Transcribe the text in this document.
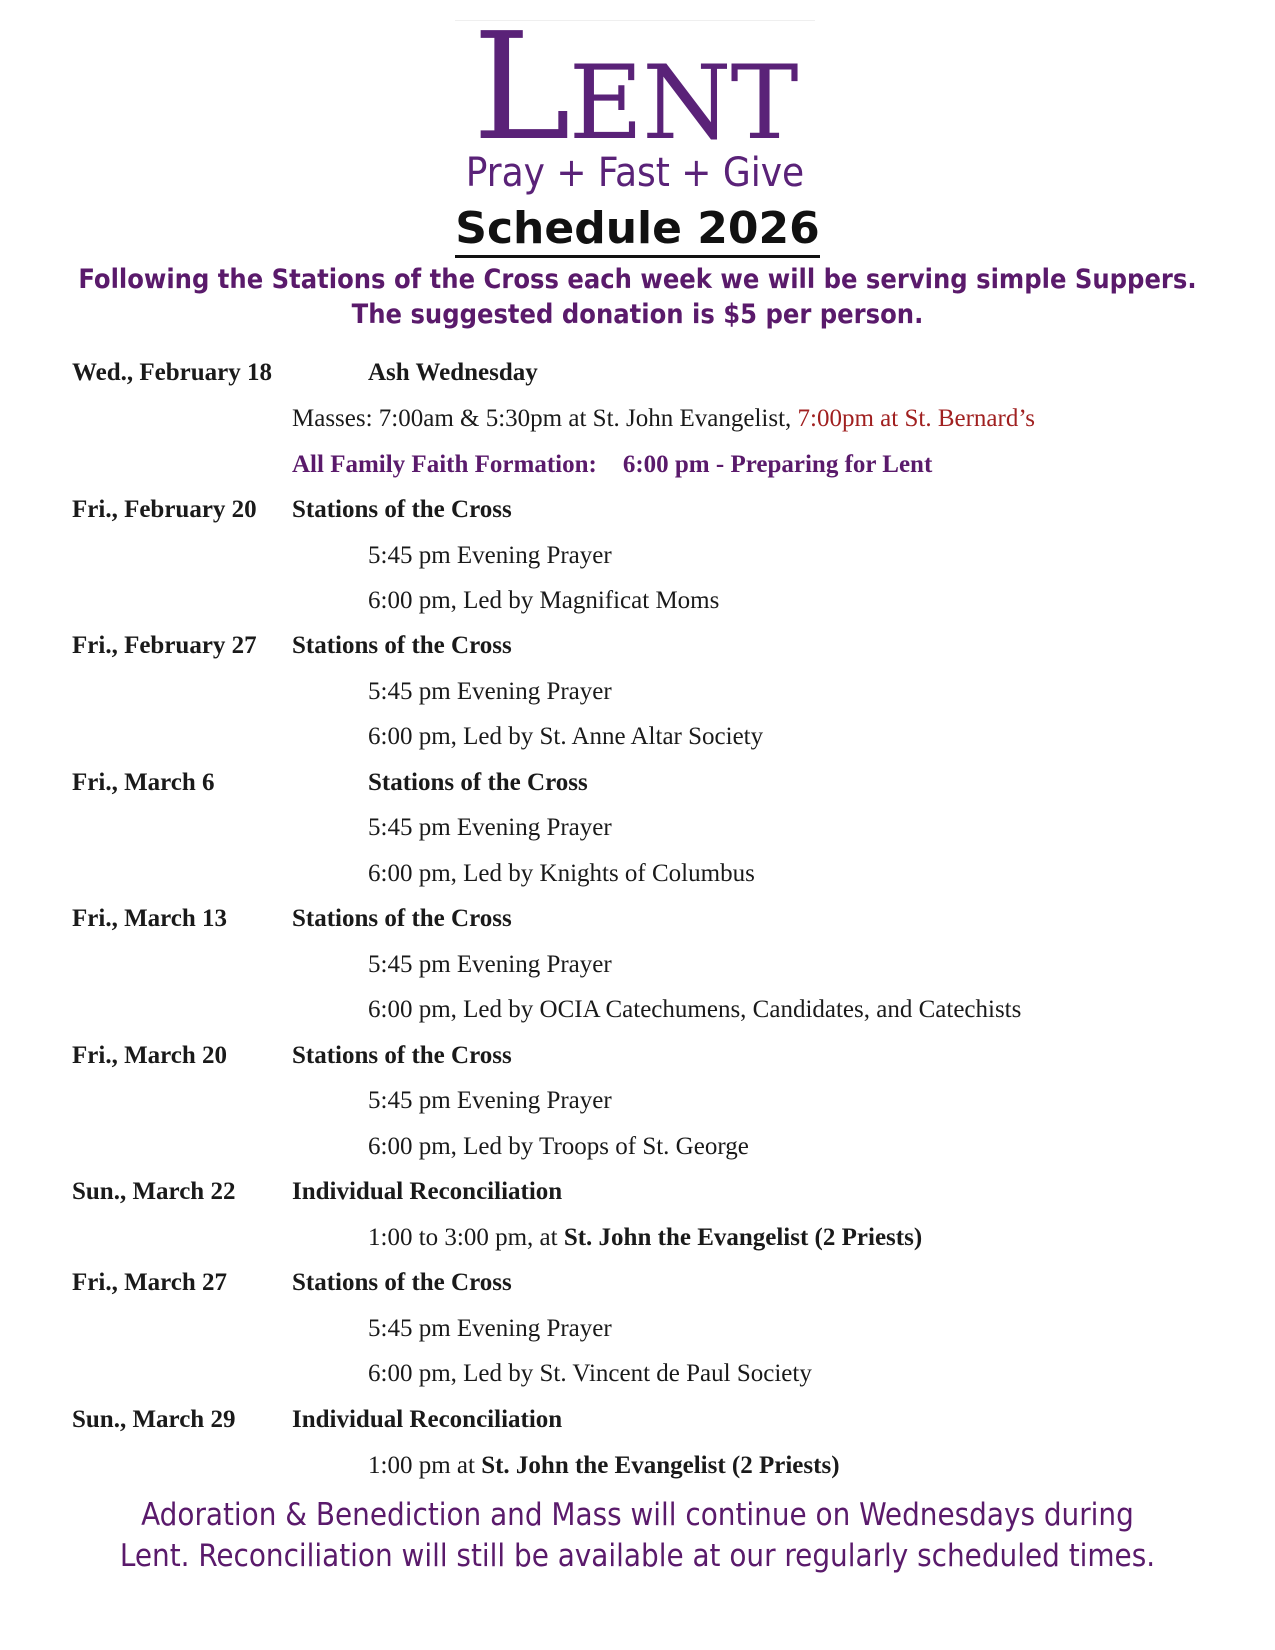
LENT
Pray + Fast + Give
Schedule 2026
Following the Stations of the Cross each week we will be serving simple Suppers.
The suggested donation is $5 per person.
Wed., February 18	Ash Wednesday
Masses: 7:00am & 5:30pm at St. John Evangelist, 7:00pm at St. Bernard’s
All Family Faith Formation: 6:00 pm - Preparing for Lent
Fri., February 20 Stations of the Cross
5:45 pm Evening Prayer
6:00 pm, Led by Magnificat Moms
Fri., February 27 Stations of the Cross
5:45 pm Evening Prayer
6:00 pm, Led by St. Anne Altar Society
Fri., March 6	Stations of the Cross
5:45 pm Evening Prayer
6:00 pm, Led by Knights of Columbus
Fri., March 13	Stations of the Cross
5:45 pm Evening Prayer
6:00 pm, Led by OCIA Catechumens, Candidates, and Catechists
Fri., March 20	Stations of the Cross
5:45 pm Evening Prayer
6:00 pm, Led by Troops of St. George
Sun., March 22 Individual Reconciliation
1:00 to 3:00 pm, at St. John the Evangelist (2 Priests)
Fri., March 27	Stations of the Cross
5:45 pm Evening Prayer
6:00 pm, Led by St. Vincent de Paul Society
Sun., March 29 Individual Reconciliation
1:00 pm at St. John the Evangelist (2 Priests)
Adoration & Benediction and Mass will continue on Wednesdays during
Lent. Reconciliation will still be available at our regularly scheduled times.
